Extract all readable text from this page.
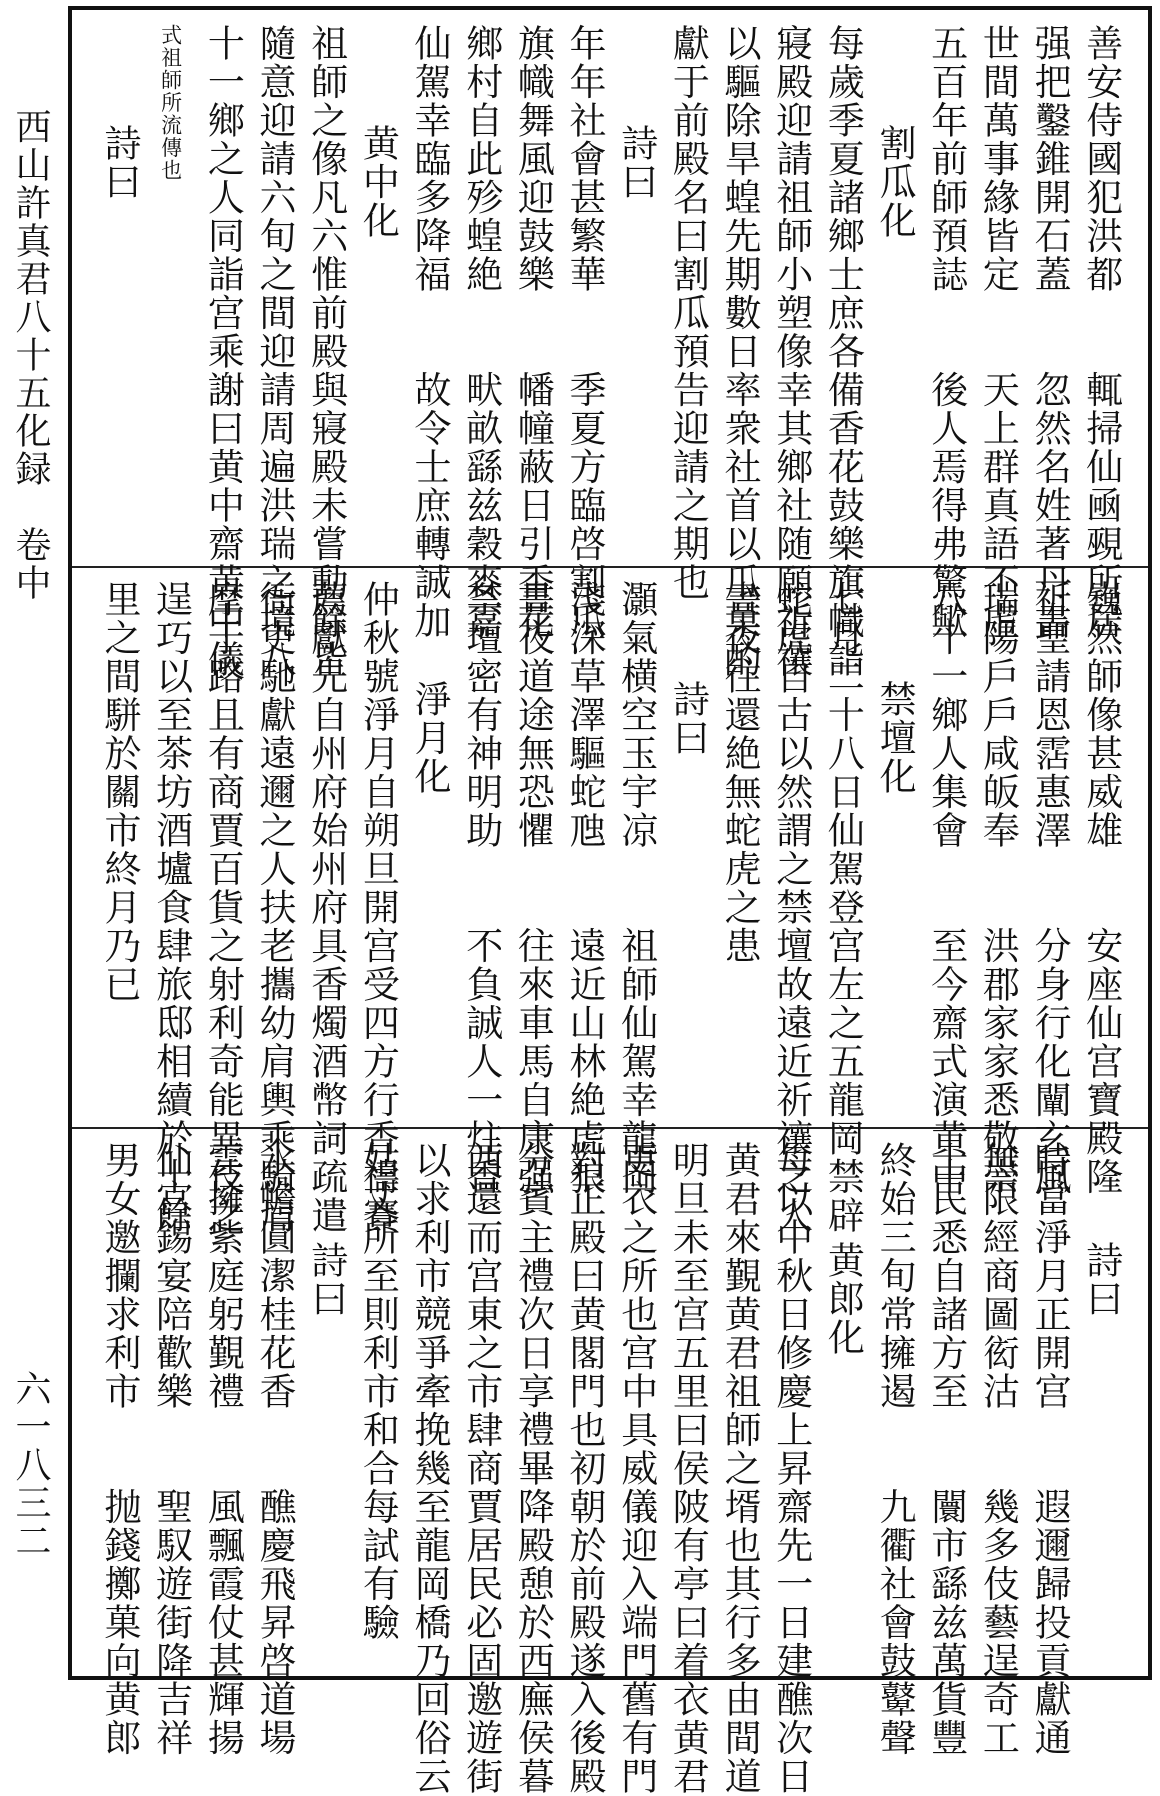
西山許真君八十五化録　卷中
六一八三二
善安侍國犯洪都　　輒掃仙凾覡所居
强把鑿錐開石蓋　　忽然名姓著丹書
世間萬事緣皆定　　天上群真語不虚
五百年前師預誌　　後人焉得弗驚歟
割瓜化
每歲季夏諸鄉士庶各備香花鼓樂旗幟詣
寢殿迎請祖師小塑像幸其鄉社随願祈禳
以驅除旱蝗先期數日率衆社首以瓜菓酌
獻于前殿名曰割瓜預告迎請之期也
詩曰
年年社會甚繁華　　季夏方臨啓割瓜
旗幟舞風迎鼓樂　　幡幢蔽日引香花
鄉村自此殄蝗絶　　畎畝繇兹穀麥嘉
仙駕幸臨多降福　　故令士庶轉誠加
黄中化
祖師之像凡六惟前殿與寢殿未嘗動餘皆
隨意迎請六旬之間迎請周遍洪瑞之境八
十一鄉之人同詣宫乘謝曰黄中齋黄中儀
式祖師所流傳也
詩曰
巍然師像甚威雄　　安座仙宫寶殿隆
祈聖請恩霑惠澤　　分身行化闡玄風
瑞陽戶戶咸皈奉　　洪郡家家悉敬崇
八十一鄉人集會　　至今齋式演黄中
禁壇化
七月二十八日仙駕登宫左之五龍岡禁辟
蛇虎自古以然謂之禁壇故遠近祈禳之人
晝夜往還絶無蛇虎之患
詩曰
灝氣横空玉宇凉　　祖師仙駕幸龍岡
淺深草澤驅蛇虺　　遠近山林絶虎狼
晝夜道途無恐懼　　往來車馬自康强
禁壇密有神明助　　不負誠人一炷香
淨月化
仲秋號淨月自朔旦開宫受四方行香禱賽
薦獻先自州府始州府具香燭酒幣詞疏遣
衙吏馳獻遠邇之人扶老攜幼肩輿乘騎肩
摩于路且有商賈百貨之射利奇能異伎之
逞巧以至茶坊酒壚食肆旅邸相續於十餘
里之間駢於關市終月乃已
詩曰
時當淨月正開宫　　遐邇歸投貢獻通
無限經商圖衒沽　　幾多伎藝逞奇工
士民悉自諸方至　　闤市繇兹萬貨豐
終始三旬常擁遏　　九衢社會鼓鼙聲
黄郎化
每以中秋日修慶上昇齋先一日建醮次日
黄君來覲黄君祖師之壻也其行多由間道
明旦未至宫五里曰侯陂有亭曰着衣黄君
更衣之所也宫中具威儀迎入端門舊有門
對正殿曰黄閣門也初朝於前殿遂入後殿
分賓主禮次日享禮畢降殿憩於西廡侯暮
西還而宫東之市肆商賈居民必固邀遊街
以求利市競爭牽挽幾至龍岡橋乃回俗云
姑丈所至則利市和合每試有驗
詩曰
氷蟾圓潔桂花香　　醮慶飛昇啓道場
雲擁紫庭躬覲禮　　風飄霞仗甚輝揚
仙宫錫宴陪歡樂　　聖馭遊街降吉祥
男女邀攔求利市　　抛錢擲菓向黄郎
